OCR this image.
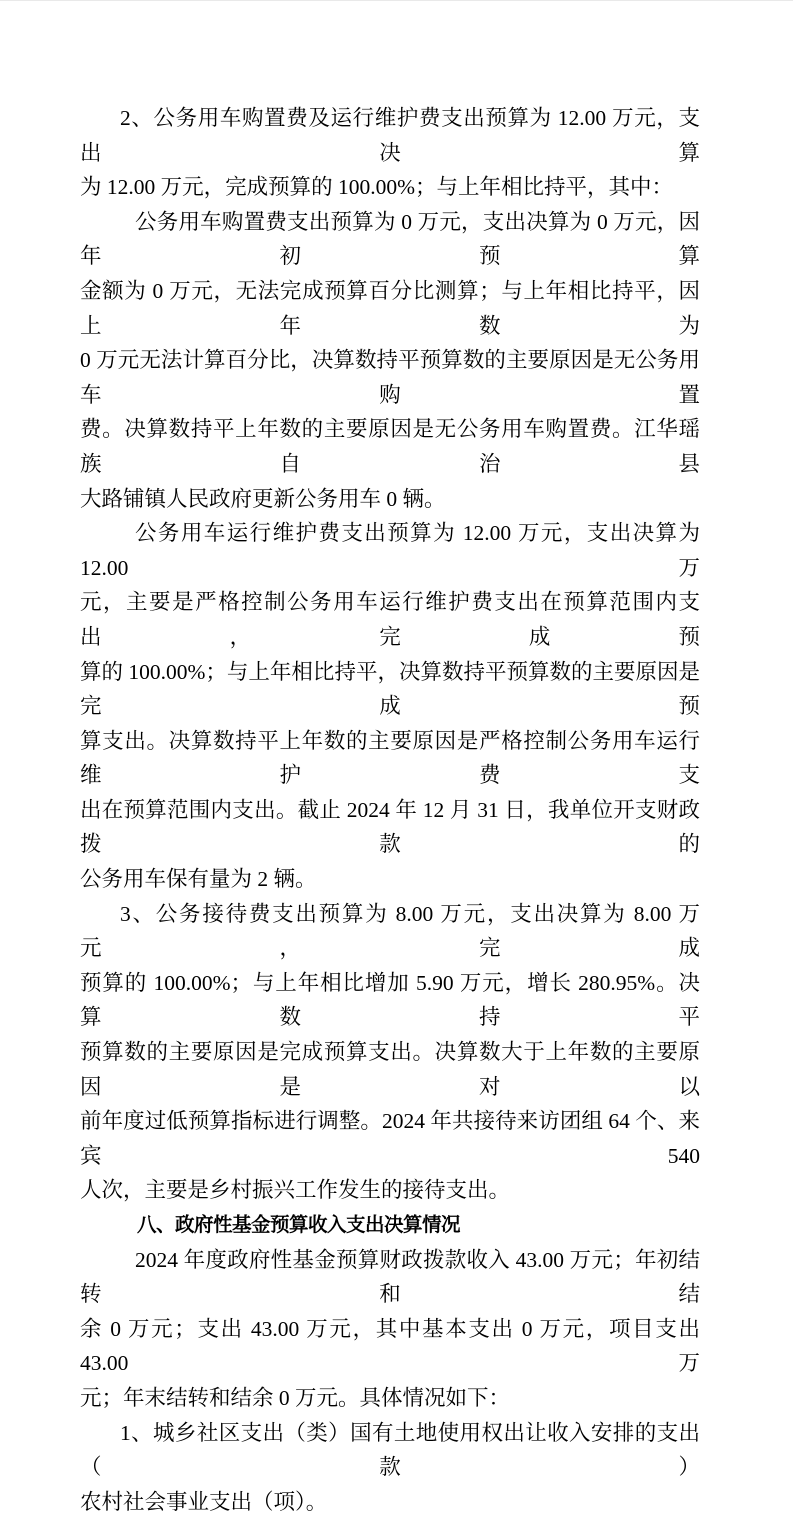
2、公务用车购置费及运行维护费支出预算为 12.00 万元，支出决算
为 12.00 万元，完成预算的 100.00%；与上年相比持平，其中：
公务用车购置费支出预算为 0 万元，支出决算为 0 万元，因年初预算
金额为 0 万元，无法完成预算百分比测算；与上年相比持平，因上年数为
0 万元无法计算百分比，决算数持平预算数的主要原因是无公务用车购置
费。决算数持平上年数的主要原因是无公务用车购置费。江华瑶族自治县
大路铺镇人民政府更新公务用车 0 辆。
公务用车运行维护费支出预算为 12.00 万元，支出决算为 12.00 万
元，主要是严格控制公务用车运行维护费支出在预算范围内支出，完成预
算的 100.00%；与上年相比持平，决算数持平预算数的主要原因是完成预
算支出。决算数持平上年数的主要原因是严格控制公务用车运行维护费支
出在预算范围内支出。截止 2024 年 12 月 31 日，我单位开支财政拨款的
公务用车保有量为 2 辆。
3、公务接待费支出预算为 8.00 万元，支出决算为 8.00 万元，完成
预算的 100.00%；与上年相比增加 5.90 万元，增长 280.95%。决算数持平
预算数的主要原因是完成预算支出。决算数大于上年数的主要原因是对以
前年度过低预算指标进行调整。2024 年共接待来访团组 64 个、来宾 540
人次，主要是乡村振兴工作发生的接待支出。
八、政府性基金预算收入支出决算情况
2024 年度政府性基金预算财政拨款收入 43.00 万元；年初结转和结
余 0 万元；支出 43.00 万元，其中基本支出 0 万元，项目支出 43.00 万
元；年末结转和结余 0 万元。具体情况如下：
1、城乡社区支出（类）国有土地使用权出让收入安排的支出（款）
农村社会事业支出（项）。
